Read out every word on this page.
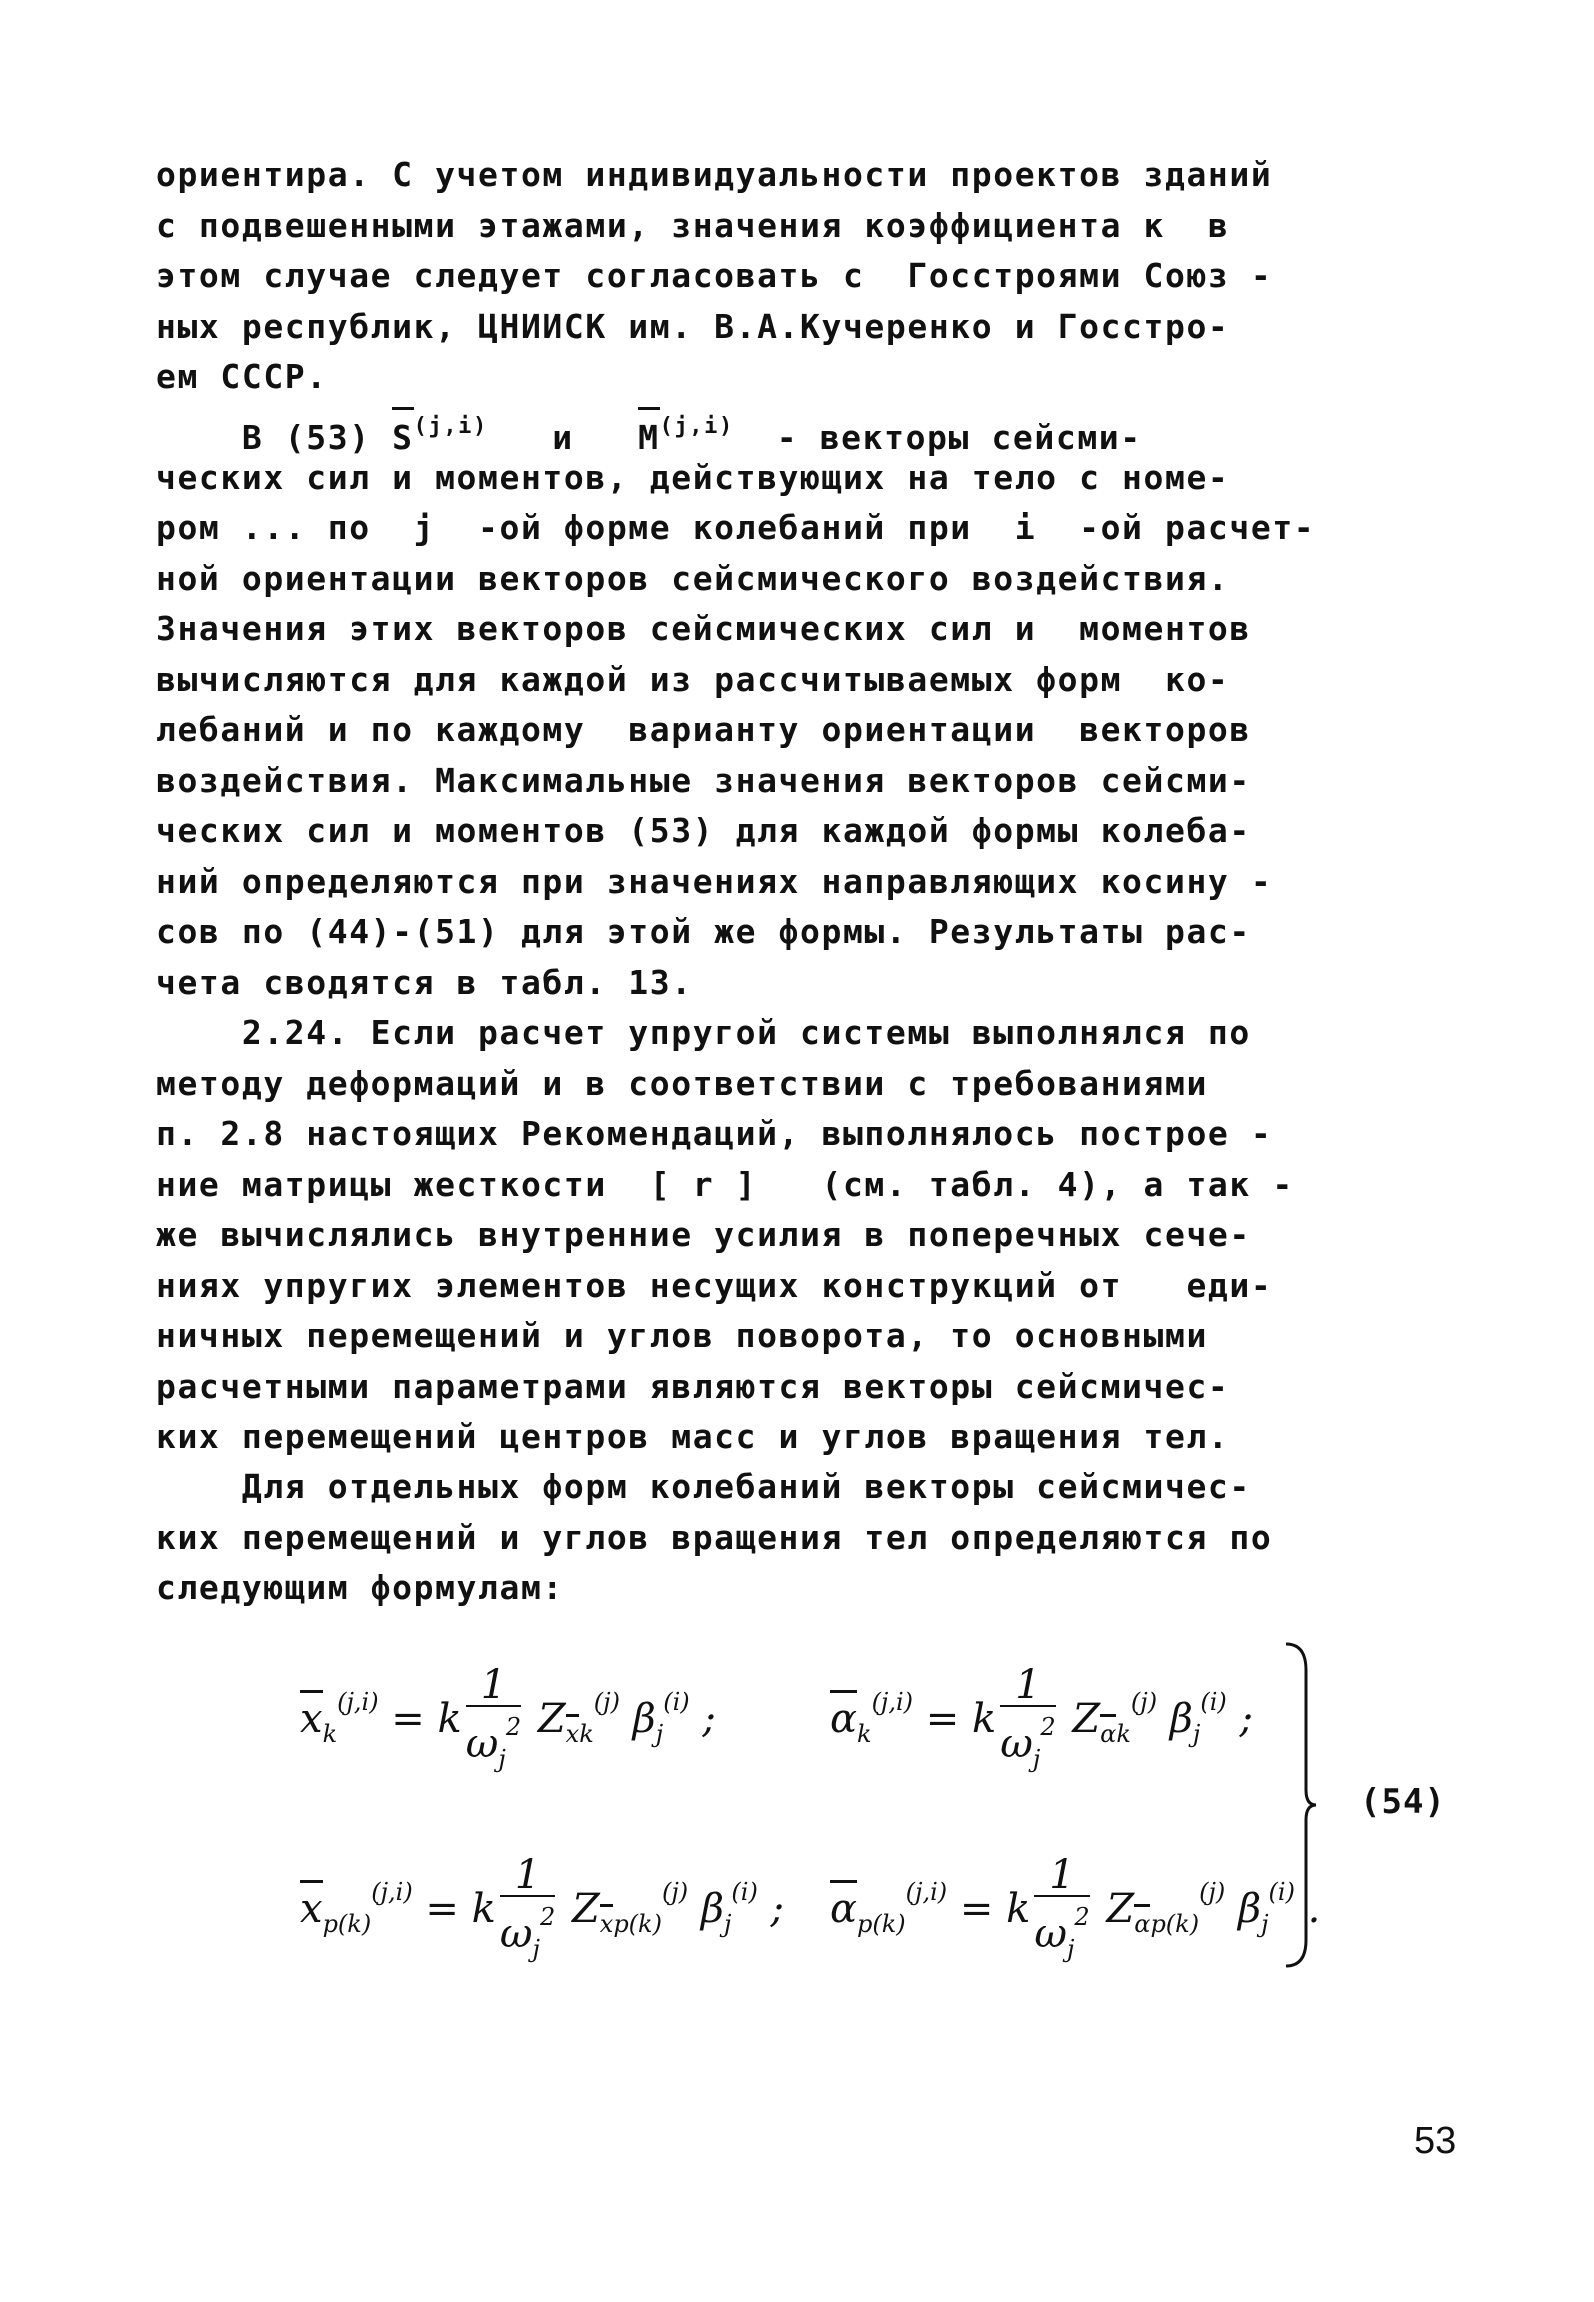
ориентира. С учетом индивидуальности проектов зданий
с подвешенными этажами, значения коэффициента к  в
этом случае следует согласовать с  Госстроями Союз -
ных республик, ЦНИИСК им. В.А.Кучеренко и Госстро-
ем СССР.
В (53) S$^{(j,i)}$ и M$^{(j,i)}$ - векторы сейсми-
ческих сил и моментов, действующих на тело с номе-
ром ... по  j  -ой форме колебаний при  i  -ой расчет-
ной ориентации векторов сейсмического воздействия.
Значения этих векторов сейсмических сил и  моментов
вычисляются для каждой из рассчитываемых форм  ко-
лебаний и по каждому  варианту ориентации  векторов
воздействия. Максимальные значения векторов сейсми-
ческих сил и моментов (53) для каждой формы колеба-
ний определяются при значениях направляющих косину -
сов по (44)-(51) для этой же формы. Результаты рас-
чета сводятся в табл. 13.
2.24. Если расчет упругой системы выполнялся по
методу деформаций и в соответствии с требованиями
п. 2.8 настоящих Рекомендаций, выполнялось построе -
ние матрицы жесткости  [ r ]   (см. табл. 4), а так -
же вычислялись внутренние усилия в поперечных сече-
ниях упругих элементов несущих конструкций от   еди-
ничных перемещений и углов поворота, то основными
расчетными параметрами являются векторы сейсмичес-
ких перемещений центров масс и углов вращения тел.
Для отдельных форм колебаний векторы сейсмичес-
ких перемещений и углов вращения тел определяются по
следующим формулам:
$x_k^{(j,i)} = k \frac{1}{\omega_j^2} Z_{xk}^{(j)}$ $\beta_j^{(i)}$ ;	$\alpha_k^{(j,i)} = k \frac{1}{\omega_j^2} Z_{\alpha k}^{(j)}$ $\beta_j^{(i)}$ ;
$x_{p(k)}^{(j,i)} = k \frac{1}{\omega_j^2} Z_{xp(k)}^{(j)}$ $\beta_j^{(i)}$ ; $\alpha_{p(k)}^{(j,i)} = k \frac{1}{\omega_j^2} Z_{\alpha p(k)}^{(j)}$ $\beta_j^{(i)}$ .
(54)
53
